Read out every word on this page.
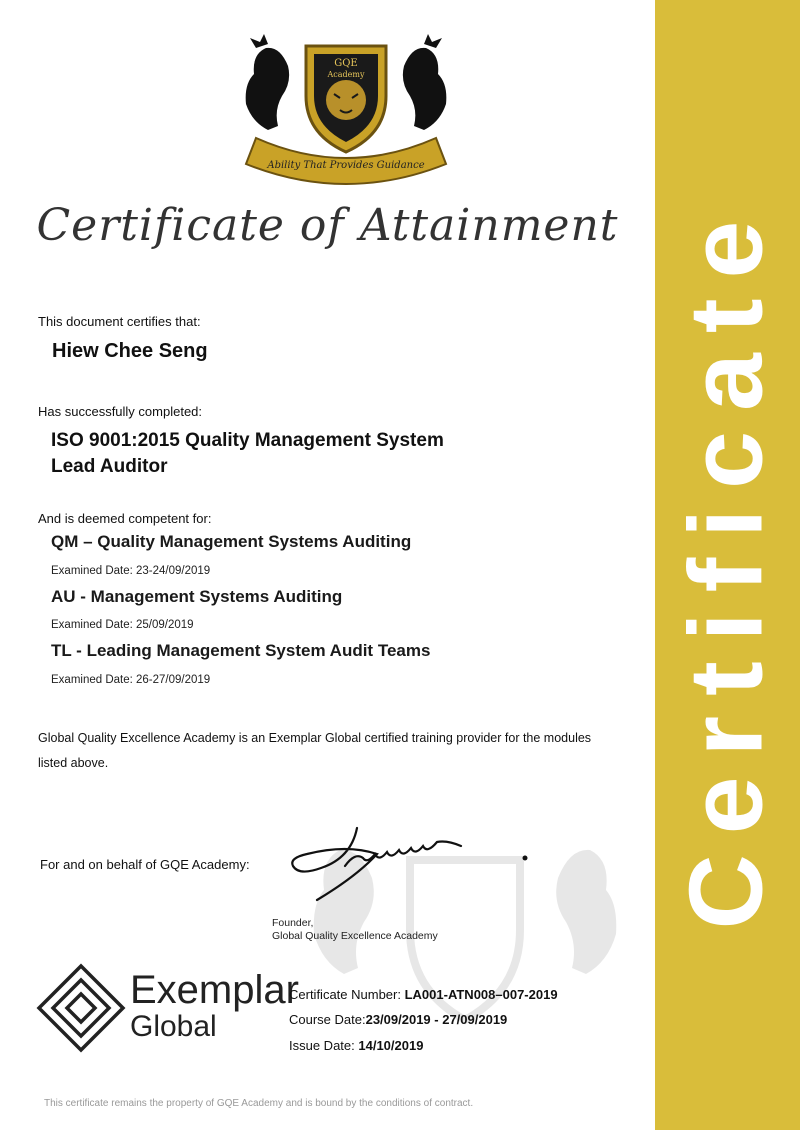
Certificate
GQE
Academy
Ability That Provides Guidance
Certificate of Attainment
This document certifies that:
Hiew Chee Seng
Has successfully completed:
ISO 9001:2015 Quality Management System
Lead Auditor
And is deemed competent for:
QM – Quality Management Systems Auditing
Examined Date: 23-24/09/2019
AU - Management Systems Auditing
Examined Date: 25/09/2019
TL - Leading Management System Audit Teams
Examined Date: 26-27/09/2019
Global Quality Excellence Academy is an Exemplar Global certified training provider for the modules listed above.
For and on behalf of GQE Academy:
Founder,
Global Quality Excellence Academy
Exemplar
Global
Certificate Number: LA001-ATN008–007-2019
Course Date:23/09/2019 - 27/09/2019
Issue Date: 14/10/2019
This certificate remains the property of GQE Academy and is bound by the conditions of contract.
